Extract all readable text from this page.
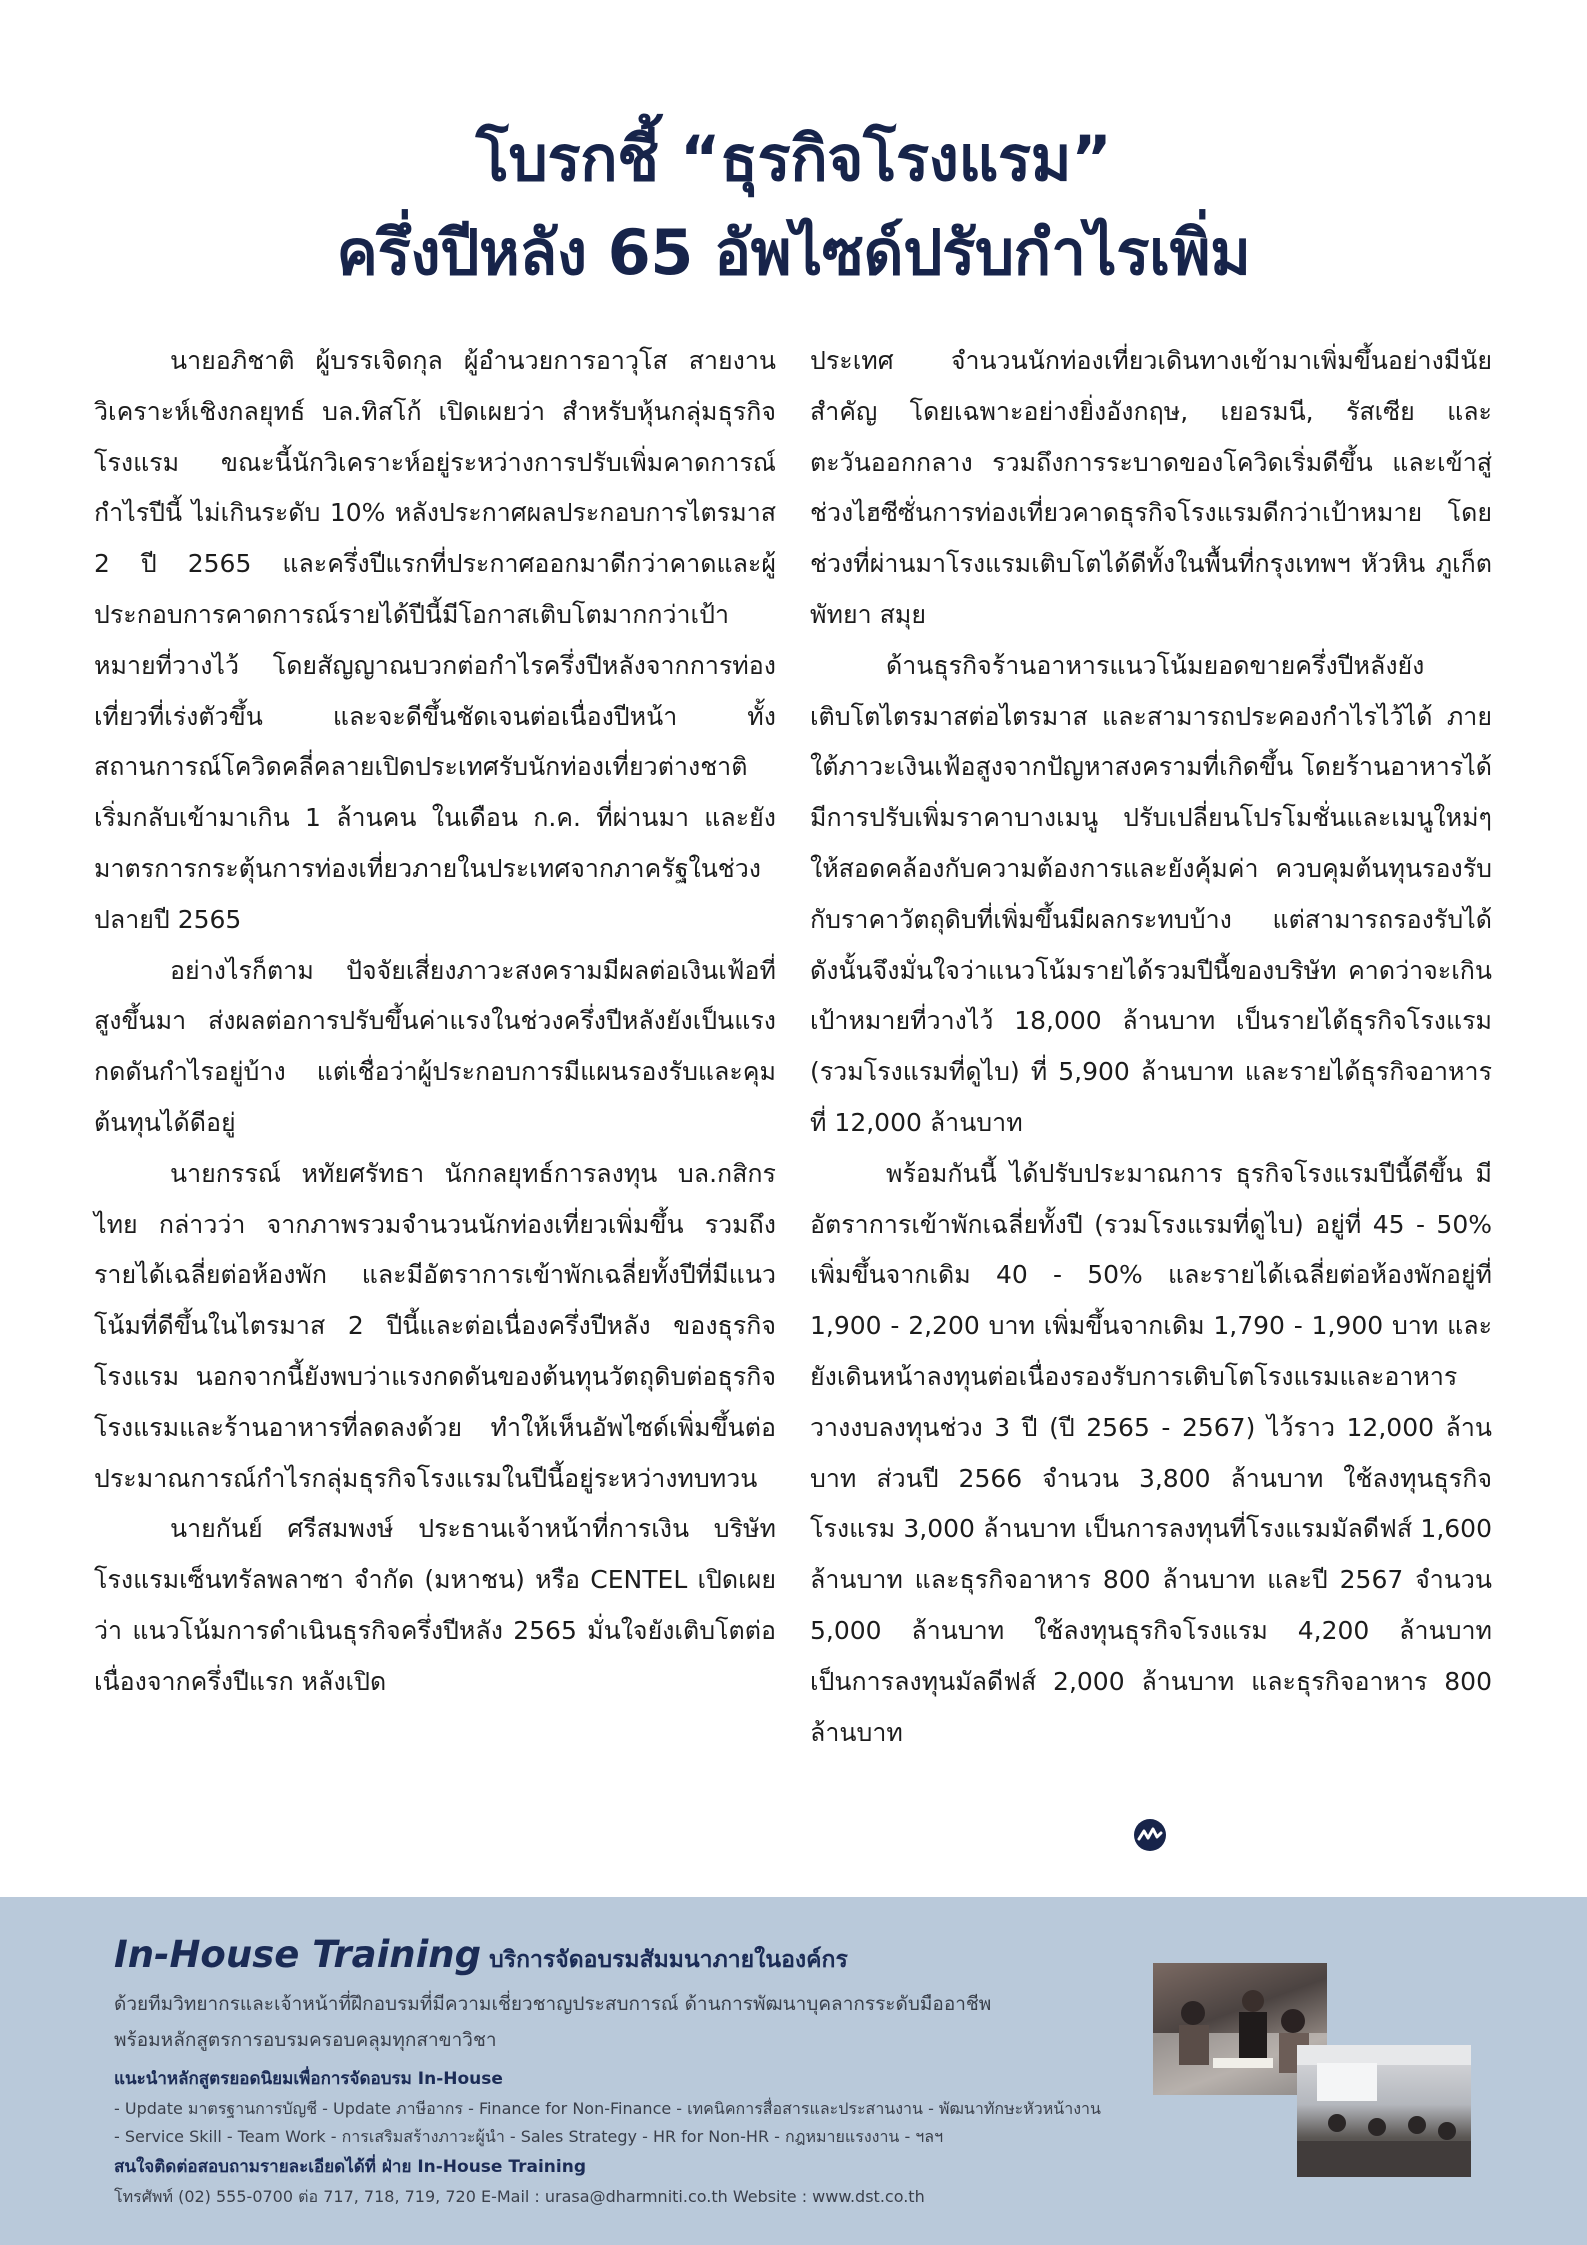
โบรกชี้ “ธุรกิจโรงแรม”
ครึ่งปีหลัง 65 อัพไซด์ปรับกำไรเพิ่ม

นายอภิชาติ ผู้บรรเจิดกุล ผู้อำนวยการอาวุโส สายงานวิเคราะห์เชิงกลยุทธ์ บล.ทิสโก้ เปิดเผยว่า สำหรับหุ้นกลุ่มธุรกิจโรงแรม ขณะนี้นักวิเคราะห์อยู่ระหว่างการปรับเพิ่มคาดการณ์กำไรปีนี้ ไม่เกินระดับ 10% หลังประกาศผลประกอบการไตรมาส 2 ปี 2565 และครึ่งปีแรกที่ประกาศออกมาดีกว่าคาดและผู้ประกอบการคาดการณ์รายได้ปีนี้มีโอกาสเติบโตมากกว่าเป้าหมายที่วางไว้ โดยสัญญาณบวกต่อกำไรครึ่งปีหลังจากการท่องเที่ยวที่เร่งตัวขึ้น และจะดีขึ้นชัดเจนต่อเนื่องปีหน้า ทั้งสถานการณ์โควิดคลี่คลายเปิดประเทศรับนักท่องเที่ยวต่างชาติ เริ่มกลับเข้ามาเกิน 1 ล้านคน ในเดือน ก.ค. ที่ผ่านมา และยังมาตรการกระตุ้นการท่องเที่ยวภายในประเทศจากภาครัฐในช่วงปลายปี 2565

อย่างไรก็ตาม ปัจจัยเสี่ยงภาวะสงครามมีผลต่อเงินเฟ้อที่สูงขึ้นมา ส่งผลต่อการปรับขึ้นค่าแรงในช่วงครึ่งปีหลังยังเป็นแรงกดดันกำไรอยู่บ้าง แต่เชื่อว่าผู้ประกอบการมีแผนรองรับและคุมต้นทุนได้ดีอยู่

นายกรรณ์ หทัยศรัทธา นักกลยุทธ์การลงทุน บล.กสิกรไทย กล่าวว่า จากภาพรวมจำนวนนักท่องเที่ยวเพิ่มขึ้น รวมถึงรายได้เฉลี่ยต่อห้องพัก และมีอัตราการเข้าพักเฉลี่ยทั้งปีที่มีแนวโน้มที่ดีขึ้นในไตรมาส 2 ปีนี้และต่อเนื่องครึ่งปีหลัง ของธุรกิจโรงแรม นอกจากนี้ยังพบว่าแรงกดดันของต้นทุนวัตถุดิบต่อธุรกิจโรงแรมและร้านอาหารที่ลดลงด้วย ทำให้เห็นอัพไซด์เพิ่มขึ้นต่อประมาณการณ์กำไรกลุ่มธุรกิจโรงแรมในปีนี้อยู่ระหว่างทบทวน

นายกันย์ ศรีสมพงษ์ ประธานเจ้าหน้าที่การเงิน บริษัท โรงแรมเซ็นทรัลพลาซา จำกัด (มหาชน) หรือ CENTEL เปิดเผยว่า แนวโน้มการดำเนินธุรกิจครึ่งปีหลัง 2565 มั่นใจยังเติบโตต่อเนื่องจากครึ่งปีแรก หลังเปิด

ประเทศ จำนวนนักท่องเที่ยวเดินทางเข้ามาเพิ่มขึ้นอย่างมีนัยสำคัญ โดยเฉพาะอย่างยิ่งอังกฤษ, เยอรมนี, รัสเซีย และตะวันออกกลาง รวมถึงการระบาดของโควิดเริ่มดีขึ้น และเข้าสู่ช่วงไฮซีซั่นการท่องเที่ยวคาดธุรกิจโรงแรมดีกว่าเป้าหมาย โดยช่วงที่ผ่านมาโรงแรมเติบโตได้ดีทั้งในพื้นที่กรุงเทพฯ หัวหิน ภูเก็ต พัทยา สมุย

ด้านธุรกิจร้านอาหารแนวโน้มยอดขายครึ่งปีหลังยังเติบโตไตรมาสต่อไตรมาส และสามารถประคองกำไรไว้ได้ ภายใต้ภาวะเงินเฟ้อสูงจากปัญหาสงครามที่เกิดขึ้น โดยร้านอาหารได้มีการปรับเพิ่มราคาบางเมนู ปรับเปลี่ยนโปรโมชั่นและเมนูใหม่ๆ ให้สอดคล้องกับความต้องการและยังคุ้มค่า ควบคุมต้นทุนรองรับกับราคาวัตถุดิบที่เพิ่มขึ้นมีผลกระทบบ้าง แต่สามารถรองรับได้ ดังนั้นจึงมั่นใจว่าแนวโน้มรายได้รวมปีนี้ของบริษัท คาดว่าจะเกินเป้าหมายที่วางไว้ 18,000 ล้านบาท เป็นรายได้ธุรกิจโรงแรม (รวมโรงแรมที่ดูไบ) ที่ 5,900 ล้านบาท และรายได้ธุรกิจอาหารที่ 12,000 ล้านบาท

พร้อมกันนี้ ได้ปรับประมาณการ ธุรกิจโรงแรมปีนี้ดีขึ้น มีอัตราการเข้าพักเฉลี่ยทั้งปี (รวมโรงแรมที่ดูไบ) อยู่ที่ 45 - 50% เพิ่มขึ้นจากเดิม 40 - 50% และรายได้เฉลี่ยต่อห้องพักอยู่ที่ 1,900 - 2,200 บาท เพิ่มขึ้นจากเดิม 1,790 - 1,900 บาท และยังเดินหน้าลงทุนต่อเนื่องรองรับการเติบโตโรงแรมและอาหาร วางงบลงทุนช่วง 3 ปี (ปี 2565 - 2567) ไว้ราว 12,000 ล้านบาท ส่วนปี 2566 จำนวน 3,800 ล้านบาท ใช้ลงทุนธุรกิจโรงแรม 3,000 ล้านบาท เป็นการลงทุนที่โรงแรมมัลดีฟส์ 1,600 ล้านบาท และธุรกิจอาหาร 800 ล้านบาท และปี 2567 จำนวน 5,000 ล้านบาท ใช้ลงทุนธุรกิจโรงแรม 4,200 ล้านบาท เป็นการลงทุนมัลดีฟส์ 2,000 ล้านบาท และธุรกิจอาหาร 800 ล้านบาท

In-House Training บริการจัดอบรมสัมมนาภายในองค์กร
ด้วยทีมวิทยากรและเจ้าหน้าที่ฝึกอบรมที่มีความเชี่ยวชาญประสบการณ์ ด้านการพัฒนาบุคลากรระดับมืออาชีพ
พร้อมหลักสูตรการอบรมครอบคลุมทุกสาขาวิชา
แนะนำหลักสูตรยอดนิยมเพื่อการจัดอบรม In-House
- Update มาตรฐานการบัญชี - Update ภาษีอากร - Finance for Non-Finance - เทคนิคการสื่อสารและประสานงาน - พัฒนาทักษะหัวหน้างาน
- Service Skill - Team Work - การเสริมสร้างภาวะผู้นำ - Sales Strategy - HR for Non-HR - กฎหมายแรงงาน - ฯลฯ
สนใจติดต่อสอบถามรายละเอียดได้ที่ ฝ่าย In-House Training
โทรศัพท์ (02) 555-0700 ต่อ 717, 718, 719, 720 E-Mail : urasa@dharmniti.co.th Website : www.dst.co.th
